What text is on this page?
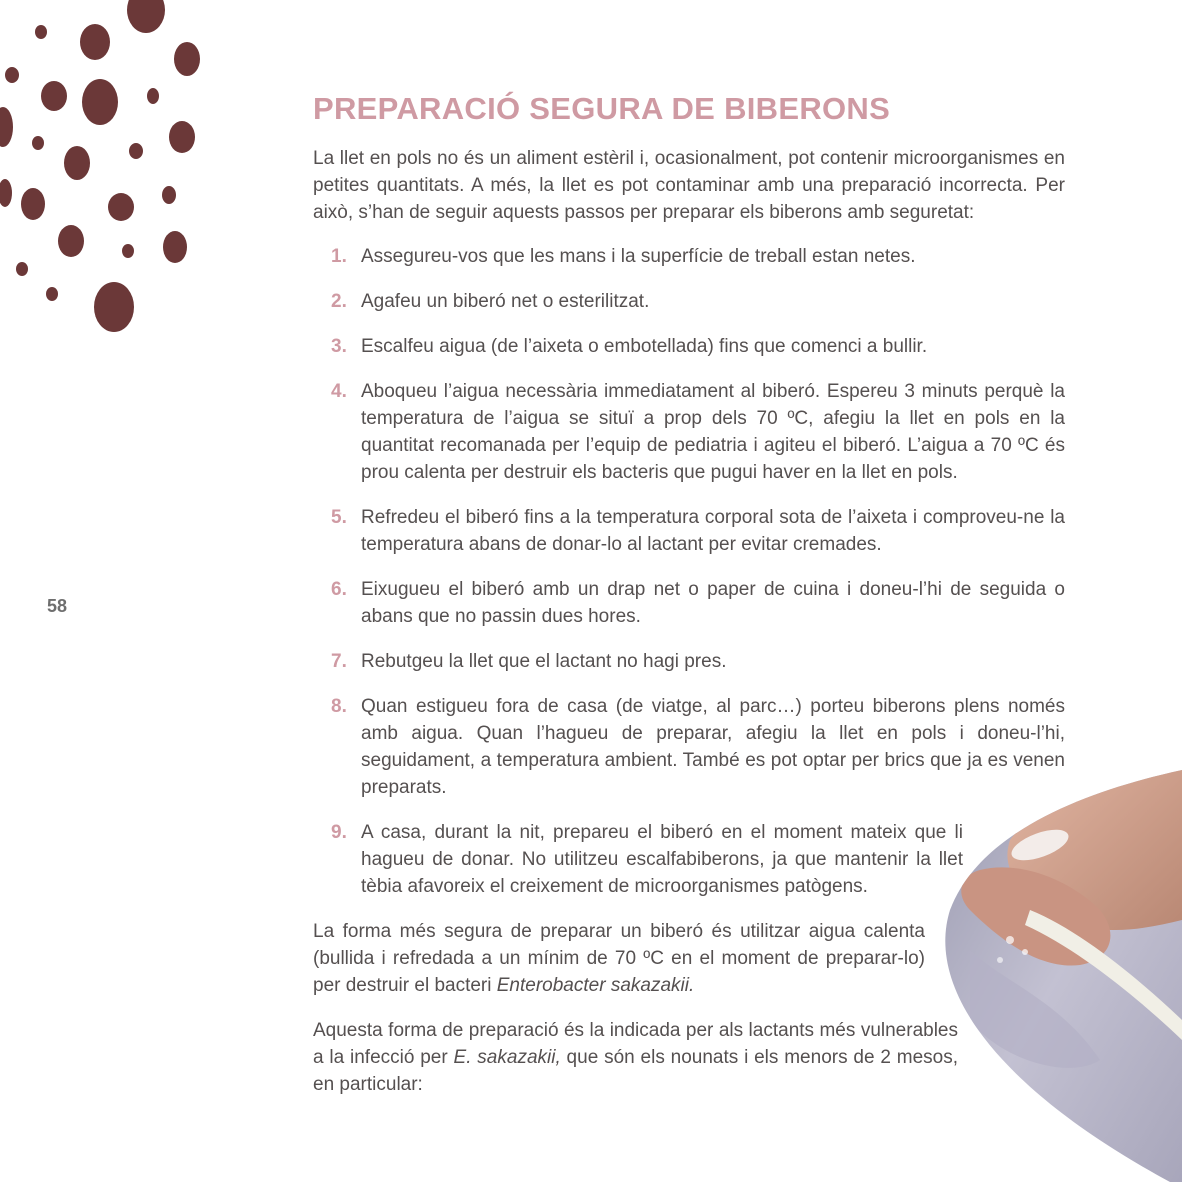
58
PREPARACIÓ SEGURA DE BIBERONS

La llet en pols no és un aliment estèril i, ocasionalment, pot contenir microorganismes en petites quantitats. A més, la llet es pot contaminar amb una preparació incorrecta. Per això, s’han de seguir aquests passos per preparar els biberons amb seguretat:

1. Assegureu-vos que les mans i la superfície de treball estan netes.
2. Agafeu un biberó net o esterilitzat.
3. Escalfeu aigua (de l’aixeta o embotellada) fins que comenci a bullir.
4. Aboqueu l’aigua necessària immediatament al biberó. Espereu 3 minuts perquè la temperatura de l’aigua se situï a prop dels 70 ºC, afegiu la llet en pols en la quantitat recomanada per l’equip de pediatria i agiteu el biberó. L’aigua a 70 ºC és prou calenta per destruir els bacteris que pugui haver en la llet en pols.
5. Refredeu el biberó fins a la temperatura corporal sota de l’aixeta i comproveu-ne la temperatura abans de donar-lo al lactant per evitar cremades.
6. Eixugueu el biberó amb un drap net o paper de cuina i doneu-l’hi de seguida o abans que no passin dues hores.
7. Rebutgeu la llet que el lactant no hagi pres.
8. Quan estigueu fora de casa (de viatge, al parc…) porteu biberons plens només amb aigua. Quan l’hagueu de preparar, afegiu la llet en pols i doneu-l’hi, seguidament, a temperatura ambient. També es pot optar per brics que ja es venen preparats.
9. A casa, durant la nit, prepareu el biberó en el moment mateix que li hagueu de donar. No utilitzeu escalfabiberons, ja que mantenir la llet tèbia afavoreix el creixement de microorganismes patògens.

La forma més segura de preparar un biberó és utilitzar aigua calenta (bullida i refredada a un mínim de 70 ºC en el moment de preparar-lo) per destruir el bacteri Enterobacter sakazakii.

Aquesta forma de preparació és la indicada per als lactants més vulnerables a la infecció per E. sakazakii, que són els nounats i els menors de 2 mesos, en particular:
